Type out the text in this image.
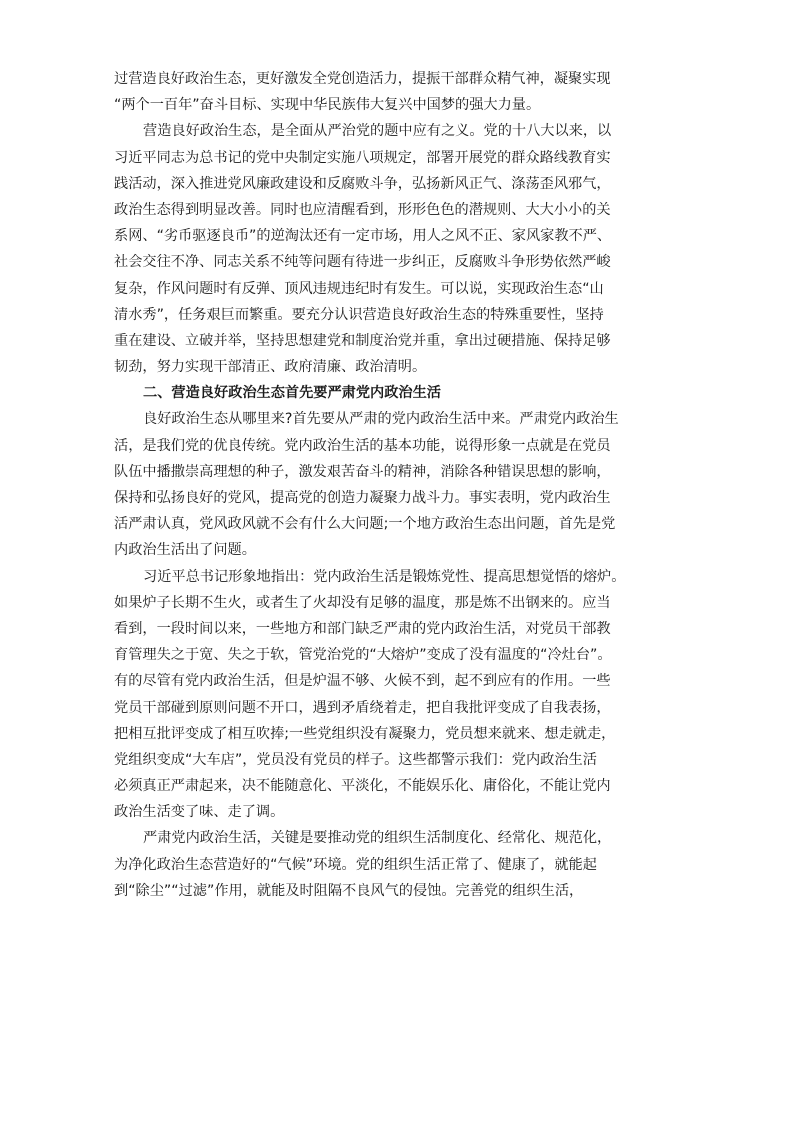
过营造良好政治生态，更好激发全党创造活力，提振干部群众精气神，凝聚实现
“两个一百年”奋斗目标、实现中华民族伟大复兴中国梦的强大力量。
营造良好政治生态，是全面从严治党的题中应有之义。党的十八大以来，以
习近平同志为总书记的党中央制定实施八项规定，部署开展党的群众路线教育实
践活动，深入推进党风廉政建设和反腐败斗争，弘扬新风正气、涤荡歪风邪气，
政治生态得到明显改善。同时也应清醒看到，形形色色的潜规则、大大小小的关
系网、“劣币驱逐良币”的逆淘汰还有一定市场，用人之风不正、家风家教不严、
社会交往不净、同志关系不纯等问题有待进一步纠正，反腐败斗争形势依然严峻
复杂，作风问题时有反弹、顶风违规违纪时有发生。可以说，实现政治生态“山
清水秀”，任务艰巨而繁重。要充分认识营造良好政治生态的特殊重要性，坚持
重在建设、立破并举，坚持思想建党和制度治党并重，拿出过硬措施、保持足够
韧劲，努力实现干部清正、政府清廉、政治清明。
二、营造良好政治生态首先要严肃党内政治生活
良好政治生态从哪里来?首先要从严肃的党内政治生活中来。严肃党内政治生
活，是我们党的优良传统。党内政治生活的基本功能，说得形象一点就是在党员
队伍中播撒崇高理想的种子，激发艰苦奋斗的精神，消除各种错误思想的影响，
保持和弘扬良好的党风，提高党的创造力凝聚力战斗力。事实表明，党内政治生
活严肃认真，党风政风就不会有什么大问题;一个地方政治生态出问题，首先是党
内政治生活出了问题。
习近平总书记形象地指出：党内政治生活是锻炼党性、提高思想觉悟的熔炉。
如果炉子长期不生火，或者生了火却没有足够的温度，那是炼不出钢来的。应当
看到，一段时间以来，一些地方和部门缺乏严肃的党内政治生活，对党员干部教
育管理失之于宽、失之于软，管党治党的“大熔炉”变成了没有温度的“冷灶台”。
有的尽管有党内政治生活，但是炉温不够、火候不到，起不到应有的作用。一些
党员干部碰到原则问题不开口，遇到矛盾绕着走，把自我批评变成了自我表扬，
把相互批评变成了相互吹捧;一些党组织没有凝聚力，党员想来就来、想走就走，
党组织变成“大车店”，党员没有党员的样子。这些都警示我们：党内政治生活
必须真正严肃起来，决不能随意化、平淡化，不能娱乐化、庸俗化，不能让党内
政治生活变了味、走了调。
严肃党内政治生活，关键是要推动党的组织生活制度化、经常化、规范化，
为净化政治生态营造好的“气候”环境。党的组织生活正常了、健康了，就能起
到“除尘”“过滤”作用，就能及时阻隔不良风气的侵蚀。完善党的组织生活，
